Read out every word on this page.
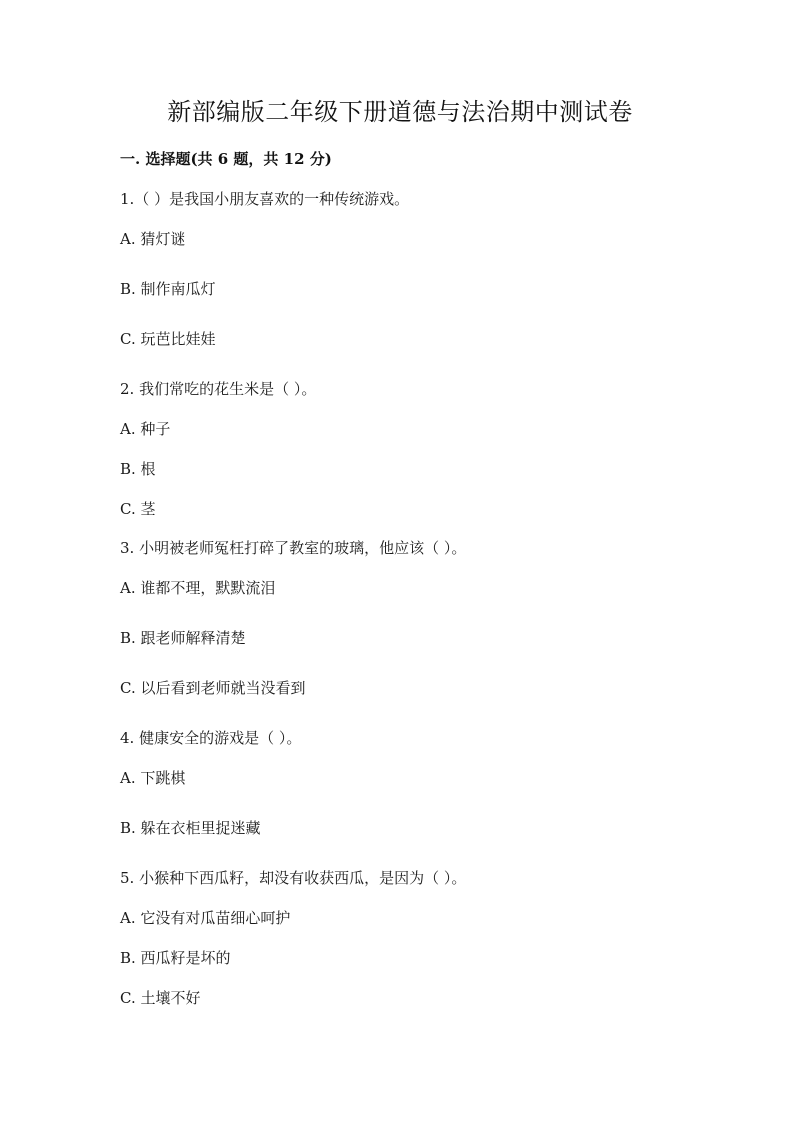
新部编版二年级下册道德与法治期中测试卷
一. 选择题(共 6 题，共 12 分)
1.（ ）是我国小朋友喜欢的一种传统游戏。
A. 猜灯谜
B. 制作南瓜灯
C. 玩芭比娃娃
2. 我们常吃的花生米是（ ）。
A. 种子
B. 根
C. 茎
3. 小明被老师冤枉打碎了教室的玻璃，他应该（ ）。
A. 谁都不理，默默流泪
B. 跟老师解释清楚
C. 以后看到老师就当没看到
4. 健康安全的游戏是（ ）。
A. 下跳棋
B. 躲在衣柜里捉迷藏
5. 小猴种下西瓜籽，却没有收获西瓜，是因为（ ）。
A. 它没有对瓜苗细心呵护
B. 西瓜籽是坏的
C. 土壤不好
